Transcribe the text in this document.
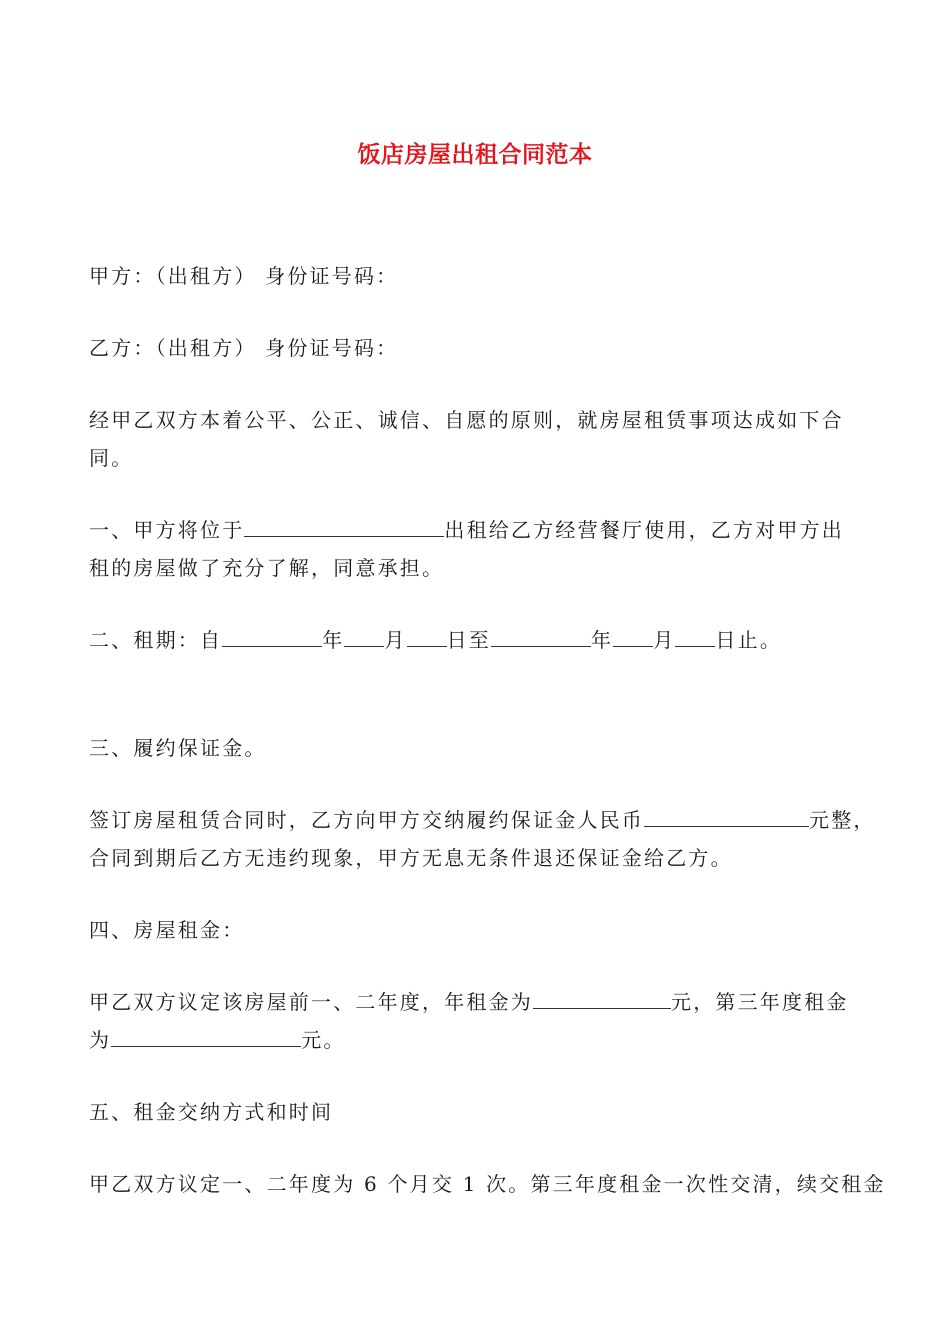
饭店房屋出租合同范本
甲方：（出租方） 身份证号码：
乙方：（出租方） 身份证号码：
经甲乙双方本着公平、公正、诚信、自愿的原则，就房屋租赁事项达成如下合
同。
一、甲方将位于	出租给乙方经营餐厅使用，乙方对甲方出
租的房屋做了充分了解，同意承担。
二、租期：自	年 月 日至	年 月 日止。
三、履约保证金。
签订房屋租赁合同时，乙方向甲方交纳履约保证金人民币	元整，
合同到期后乙方无违约现象，甲方无息无条件退还保证金给乙方。
四、房屋租金：
甲乙双方议定该房屋前一、二年度，年租金为	元，第三年度租金
为	元。
五、租金交纳方式和时间
甲乙双方议定一、二年度为 6 个月交 1 次。第三年度租金一次性交清，续交租金
